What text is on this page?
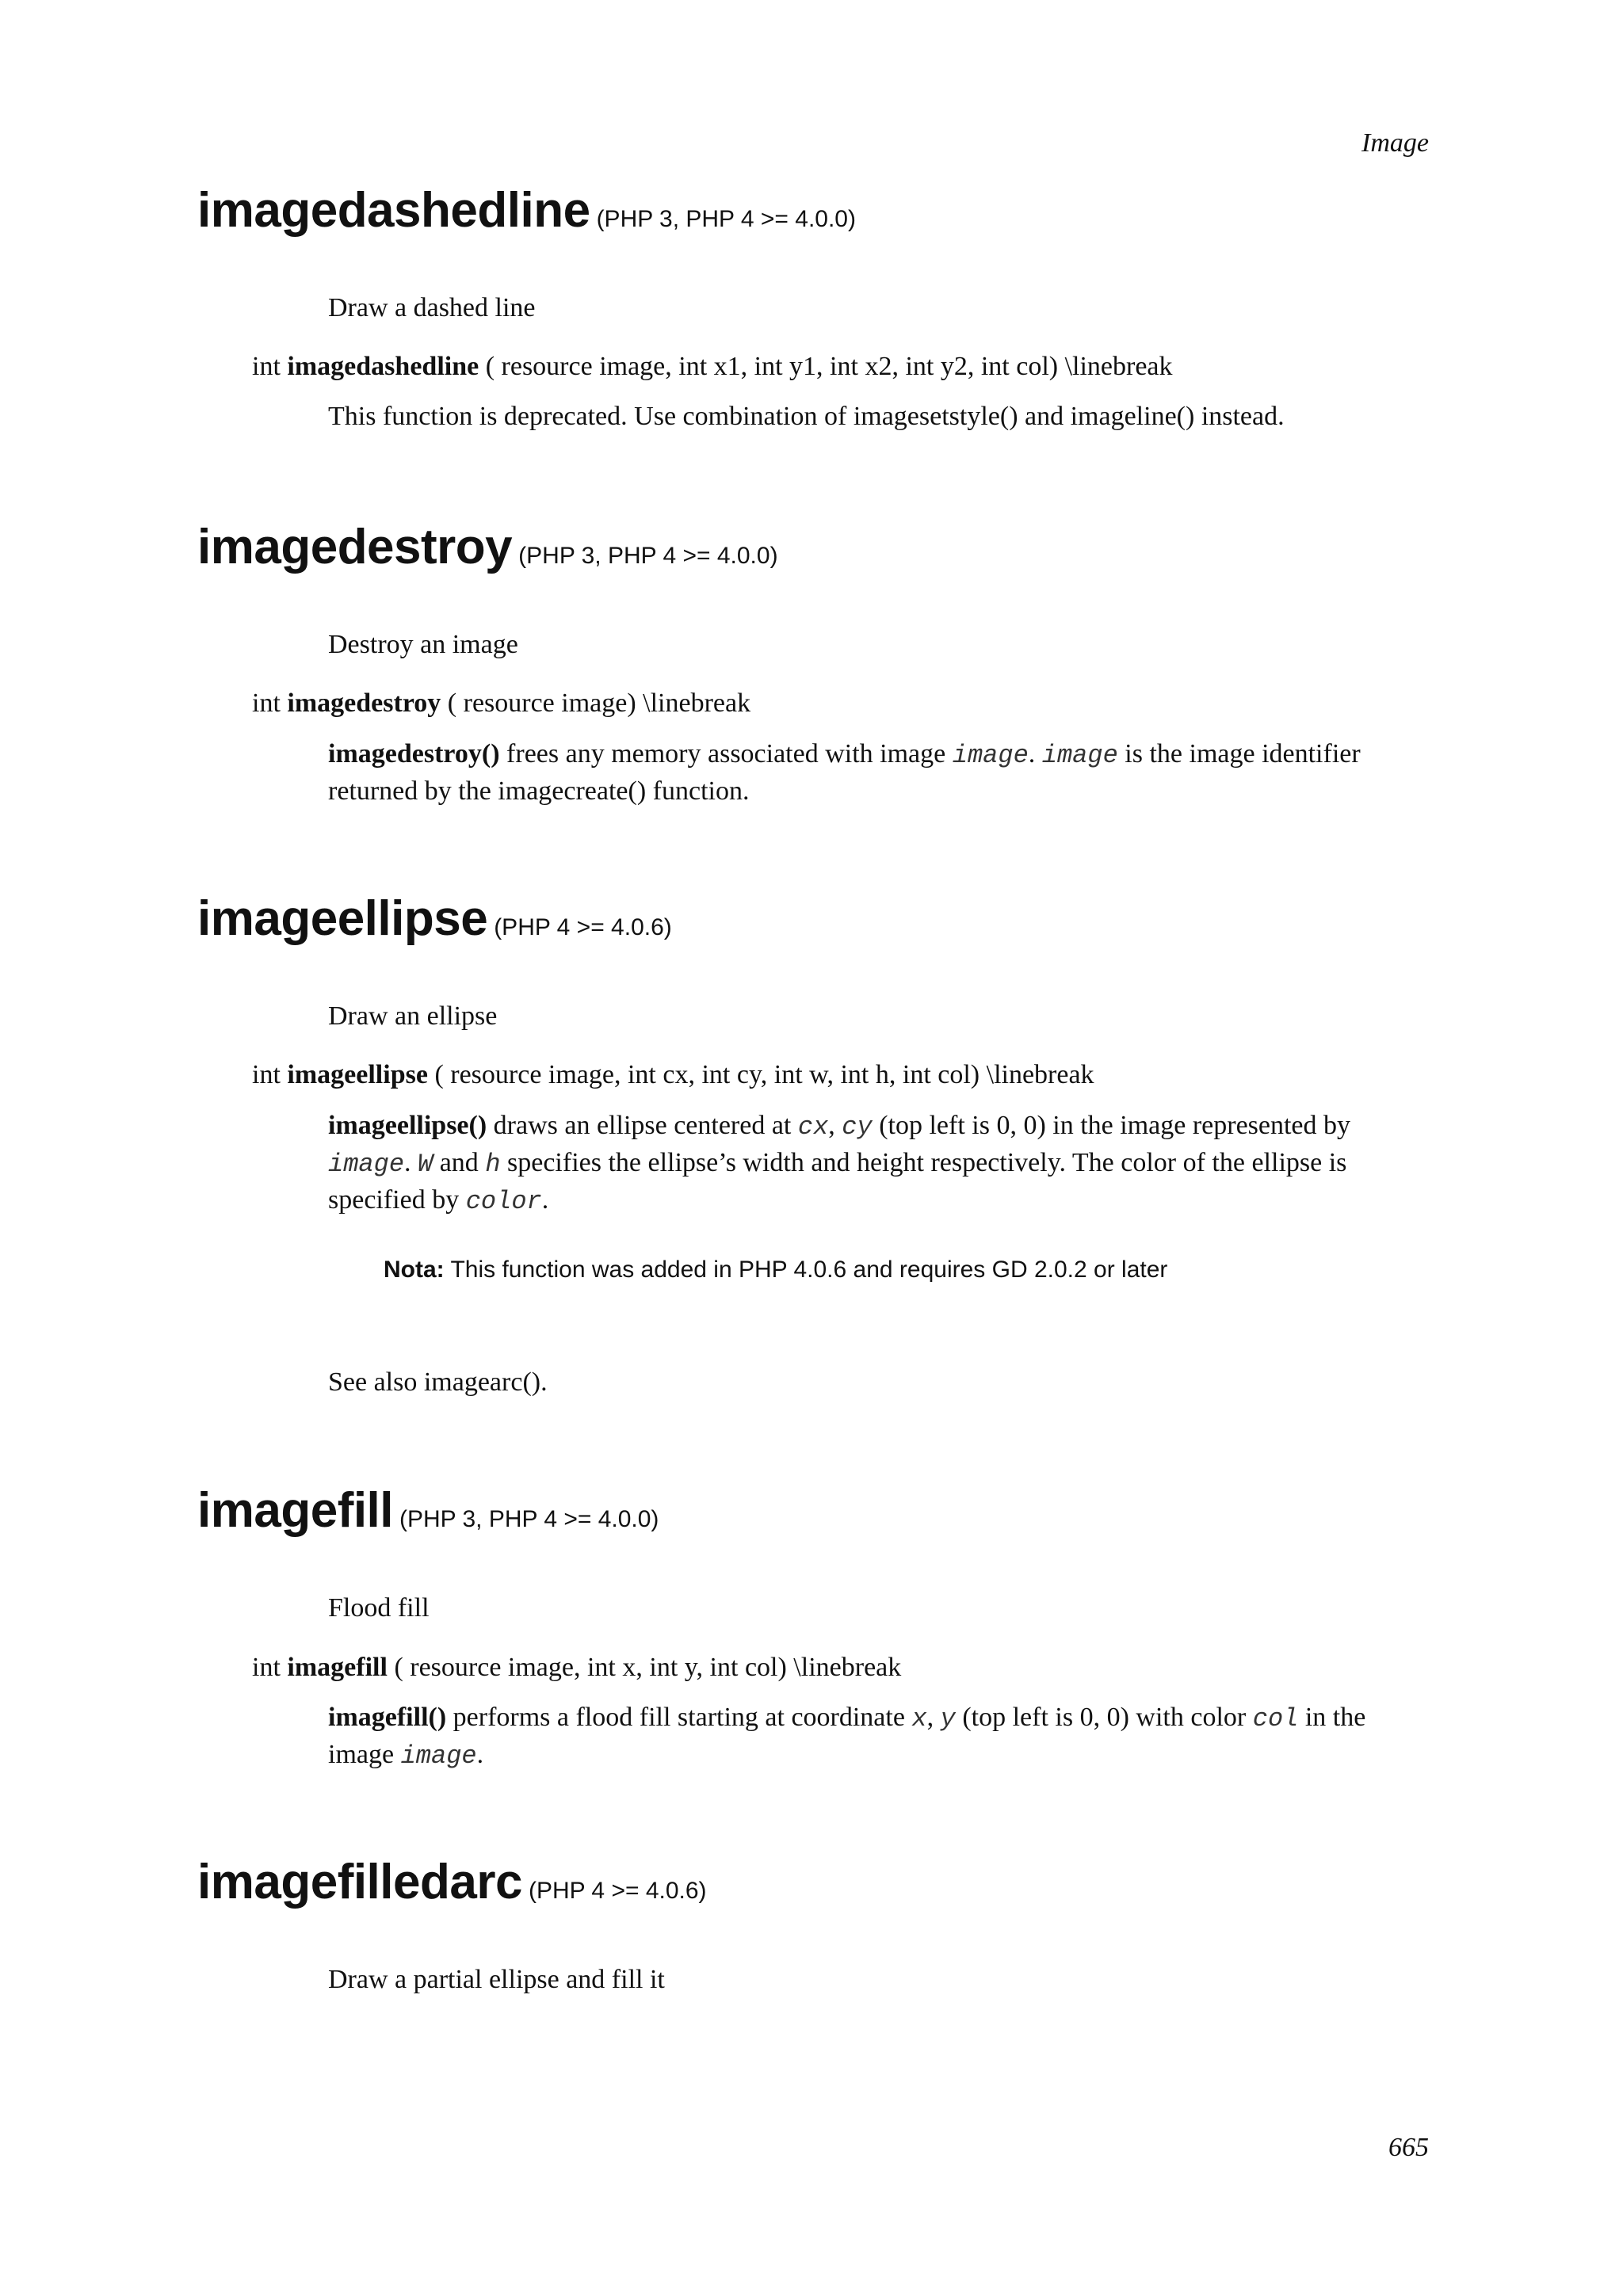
Image
imagedashedline (PHP 3, PHP 4 >= 4.0.0)
Draw a dashed line
int imagedashedline ( resource image, int x1, int y1, int x2, int y2, int col) \linebreak
This function is deprecated. Use combination of imagesetstyle() and imageline() instead.
imagedestroy (PHP 3, PHP 4 >= 4.0.0)
Destroy an image
int imagedestroy ( resource image) \linebreak
imagedestroy() frees any memory associated with image image. image is the image identifier returned by the imagecreate() function.
imageellipse (PHP 4 >= 4.0.6)
Draw an ellipse
int imageellipse ( resource image, int cx, int cy, int w, int h, int col) \linebreak
imageellipse() draws an ellipse centered at cx, cy (top left is 0, 0) in the image represented by image. W and h specifies the ellipse’s width and height respectively. The color of the ellipse is specified by color.
Nota: This function was added in PHP 4.0.6 and requires GD 2.0.2 or later
See also imagearc().
imagefill (PHP 3, PHP 4 >= 4.0.0)
Flood fill
int imagefill ( resource image, int x, int y, int col) \linebreak
imagefill() performs a flood fill starting at coordinate x, y (top left is 0, 0) with color col in the image image.
imagefilledarc (PHP 4 >= 4.0.6)
Draw a partial ellipse and fill it
665
